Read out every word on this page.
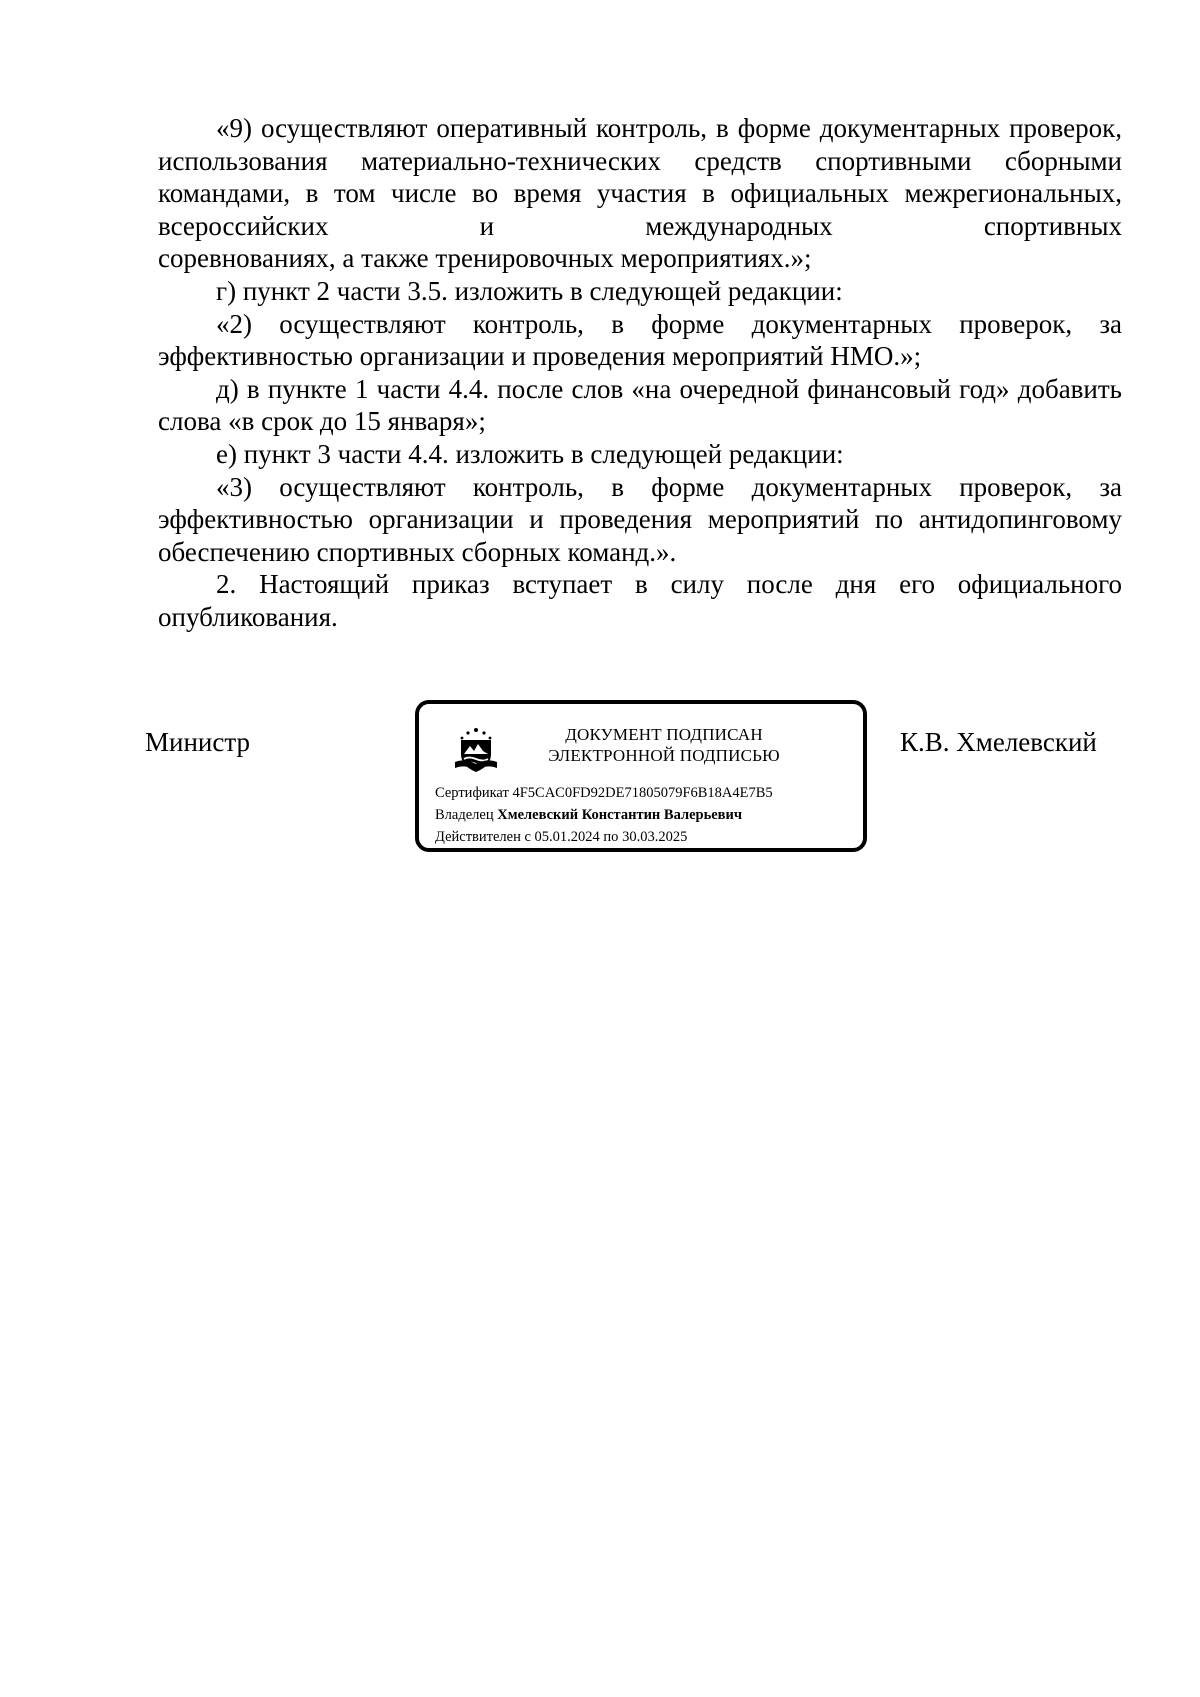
«9) осуществляют оперативный контроль, в форме документарных проверок, использования материально-технических средств спортивными сборными командами, в том числе во время участия в официальных межрегиональных, всероссийских и международных спортивных

соревнованиях, а также тренировочных мероприятиях.»;

г) пункт 2 части 3.5. изложить в следующей редакции:

«2) осуществляют контроль, в форме документарных проверок, за эффективностью организации и проведения мероприятий НМО.»;

д) в пункте 1 части 4.4. после слов «на очередной финансовый год» добавить слова «в срок до 15 января»;

е) пункт 3 части 4.4. изложить в следующей редакции:

«3) осуществляют контроль, в форме документарных проверок, за эффективностью организации и проведения мероприятий по антидопинговому обеспечению спортивных сборных команд.».

2. Настоящий приказ вступает в силу после дня его официального опубликования.

Министр	ДОКУМЕНТ ПОДПИСАН
ЭЛЕКТРОННОЙ ПОДПИСЬЮ
Сертификат 4F5CAC0FD92DE71805079F6B18A4E7B5
Владелец Хмелевский Константин Валерьевич
Действителен с 05.01.2024 по 30.03.2025
К.В. Хмелевский
